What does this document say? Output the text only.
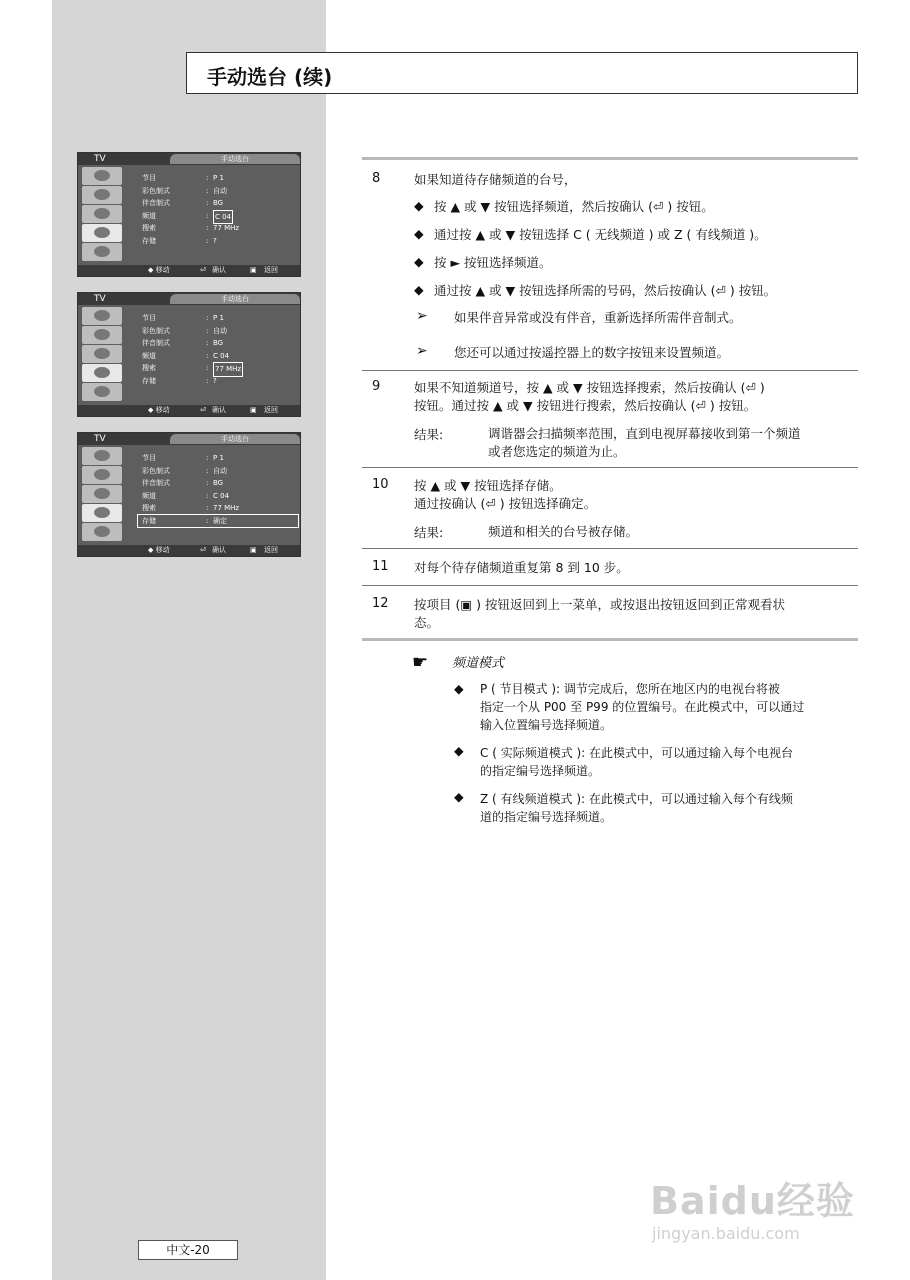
手动选台 (续)
TV	手动选台
节目	: P 1
彩色制式	: 自动
伴音制式	: BG
频道	: C 04
搜索	: 77 MHz
存储	: ?
◆ 移动	⏎ 确认	▣ 返回
TV	手动选台
节目	: P 1
彩色制式	: 自动
伴音制式	: BG
频道	: C 04
搜索	: 77 MHz
存储	: ?
◆ 移动	⏎ 确认	▣ 返回
TV	手动选台
节目	: P 1
彩色制式	: 自动
伴音制式	: BG
频道	: C 04
搜索	: 77 MHz
存储	: 确定
◆ 移动	⏎ 确认	▣ 返回
8	如果知道待存储频道的台号，
◆ 按 ▲ 或 ▼ 按钮选择频道，然后按确认 (⏎ ) 按钮。
◆ 通过按 ▲ 或 ▼ 按钮选择 C ( 无线频道 ) 或 Z ( 有线频道 )。
◆ 按 ► 按钮选择频道。
◆ 通过按 ▲ 或 ▼ 按钮选择所需的号码，然后按确认 (⏎ ) 按钮。
➢ 如果伴音异常或没有伴音，重新选择所需伴音制式。
➢ 您还可以通过按遥控器上的数字按钮来设置频道。
9	如果不知道频道号，按 ▲ 或 ▼ 按钮选择搜索，然后按确认 (⏎ )
按钮。通过按 ▲ 或 ▼ 按钮进行搜索，然后按确认 (⏎ ) 按钮。
结果:	调谐器会扫描频率范围，直到电视屏幕接收到第一个频道
或者您选定的频道为止。
10 按 ▲ 或 ▼ 按钮选择存储。
通过按确认 (⏎ ) 按钮选择确定。
结果:	频道和相关的台号被存储。
11 对每个待存储频道重复第 8 到 10 步。
12 按项目 (▣ ) 按钮返回到上一菜单，或按退出按钮返回到正常观看状
态。
☛ 频道模式
◆ P ( 节目模式 ): 调节完成后，您所在地区内的电视台将被
指定一个从 P00 至 P99 的位置编号。在此模式中，可以通过
输入位置编号选择频道。
◆ C ( 实际频道模式 ): 在此模式中，可以通过输入每个电视台
的指定编号选择频道。
◆ Z ( 有线频道模式 ): 在此模式中，可以通过输入每个有线频
道的指定编号选择频道。
中文-20
Baidu经验
jingyan.baidu.com
